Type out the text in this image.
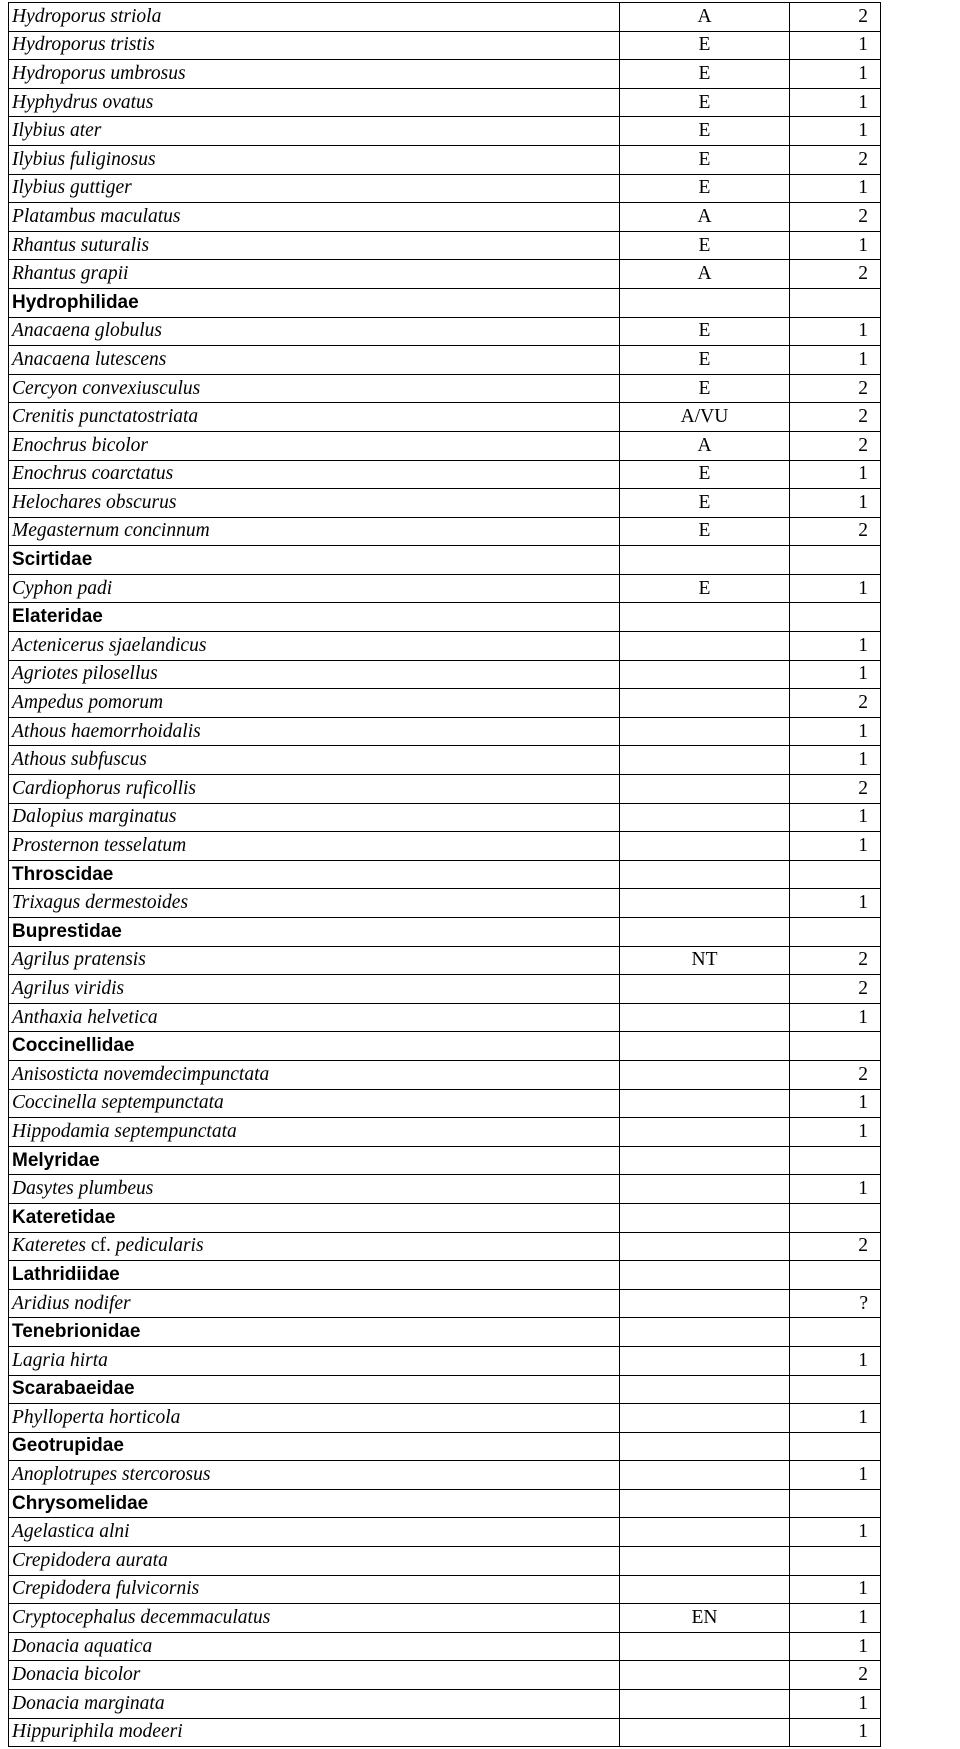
Hydroporus striola	A	2
Hydroporus tristis	E	1
Hydroporus umbrosus	E	1
Hyphydrus ovatus	E	1
Ilybius ater	E	1
Ilybius fuliginosus	E	2
Ilybius guttiger	E	1
Platambus maculatus	A	2
Rhantus suturalis	E	1
Rhantus grapii	A	2
Hydrophilidae		
Anacaena globulus	E	1
Anacaena lutescens	E	1
Cercyon convexiusculus	E	2
Crenitis punctatostriata	A/VU	2
Enochrus bicolor	A	2
Enochrus coarctatus	E	1
Helochares obscurus	E	1
Megasternum concinnum	E	2
Scirtidae		
Cyphon padi	E	1
Elateridae		
Actenicerus sjaelandicus		1
Agriotes pilosellus		1
Ampedus pomorum		2
Athous haemorrhoidalis		1
Athous subfuscus		1
Cardiophorus ruficollis		2
Dalopius marginatus		1
Prosternon tesselatum		1
Throscidae		
Trixagus dermestoides		1
Buprestidae		
Agrilus pratensis	NT	2
Agrilus viridis		2
Anthaxia helvetica		1
Coccinellidae		
Anisosticta novemdecimpunctata		2
Coccinella septempunctata		1
Hippodamia septempunctata		1
Melyridae		
Dasytes plumbeus		1
Kateretidae		
Kateretes cf. pedicularis		2
Lathridiidae		
Aridius nodifer		?
Tenebrionidae		
Lagria hirta		1
Scarabaeidae		
Phylloperta horticola		1
Geotrupidae		
Anoplotrupes stercorosus		1
Chrysomelidae		
Agelastica alni		1
Crepidodera aurata		
Crepidodera fulvicornis		1
Cryptocephalus decemmaculatus	EN	1
Donacia aquatica		1
Donacia bicolor		2
Donacia marginata		1
Hippuriphila modeeri		1
